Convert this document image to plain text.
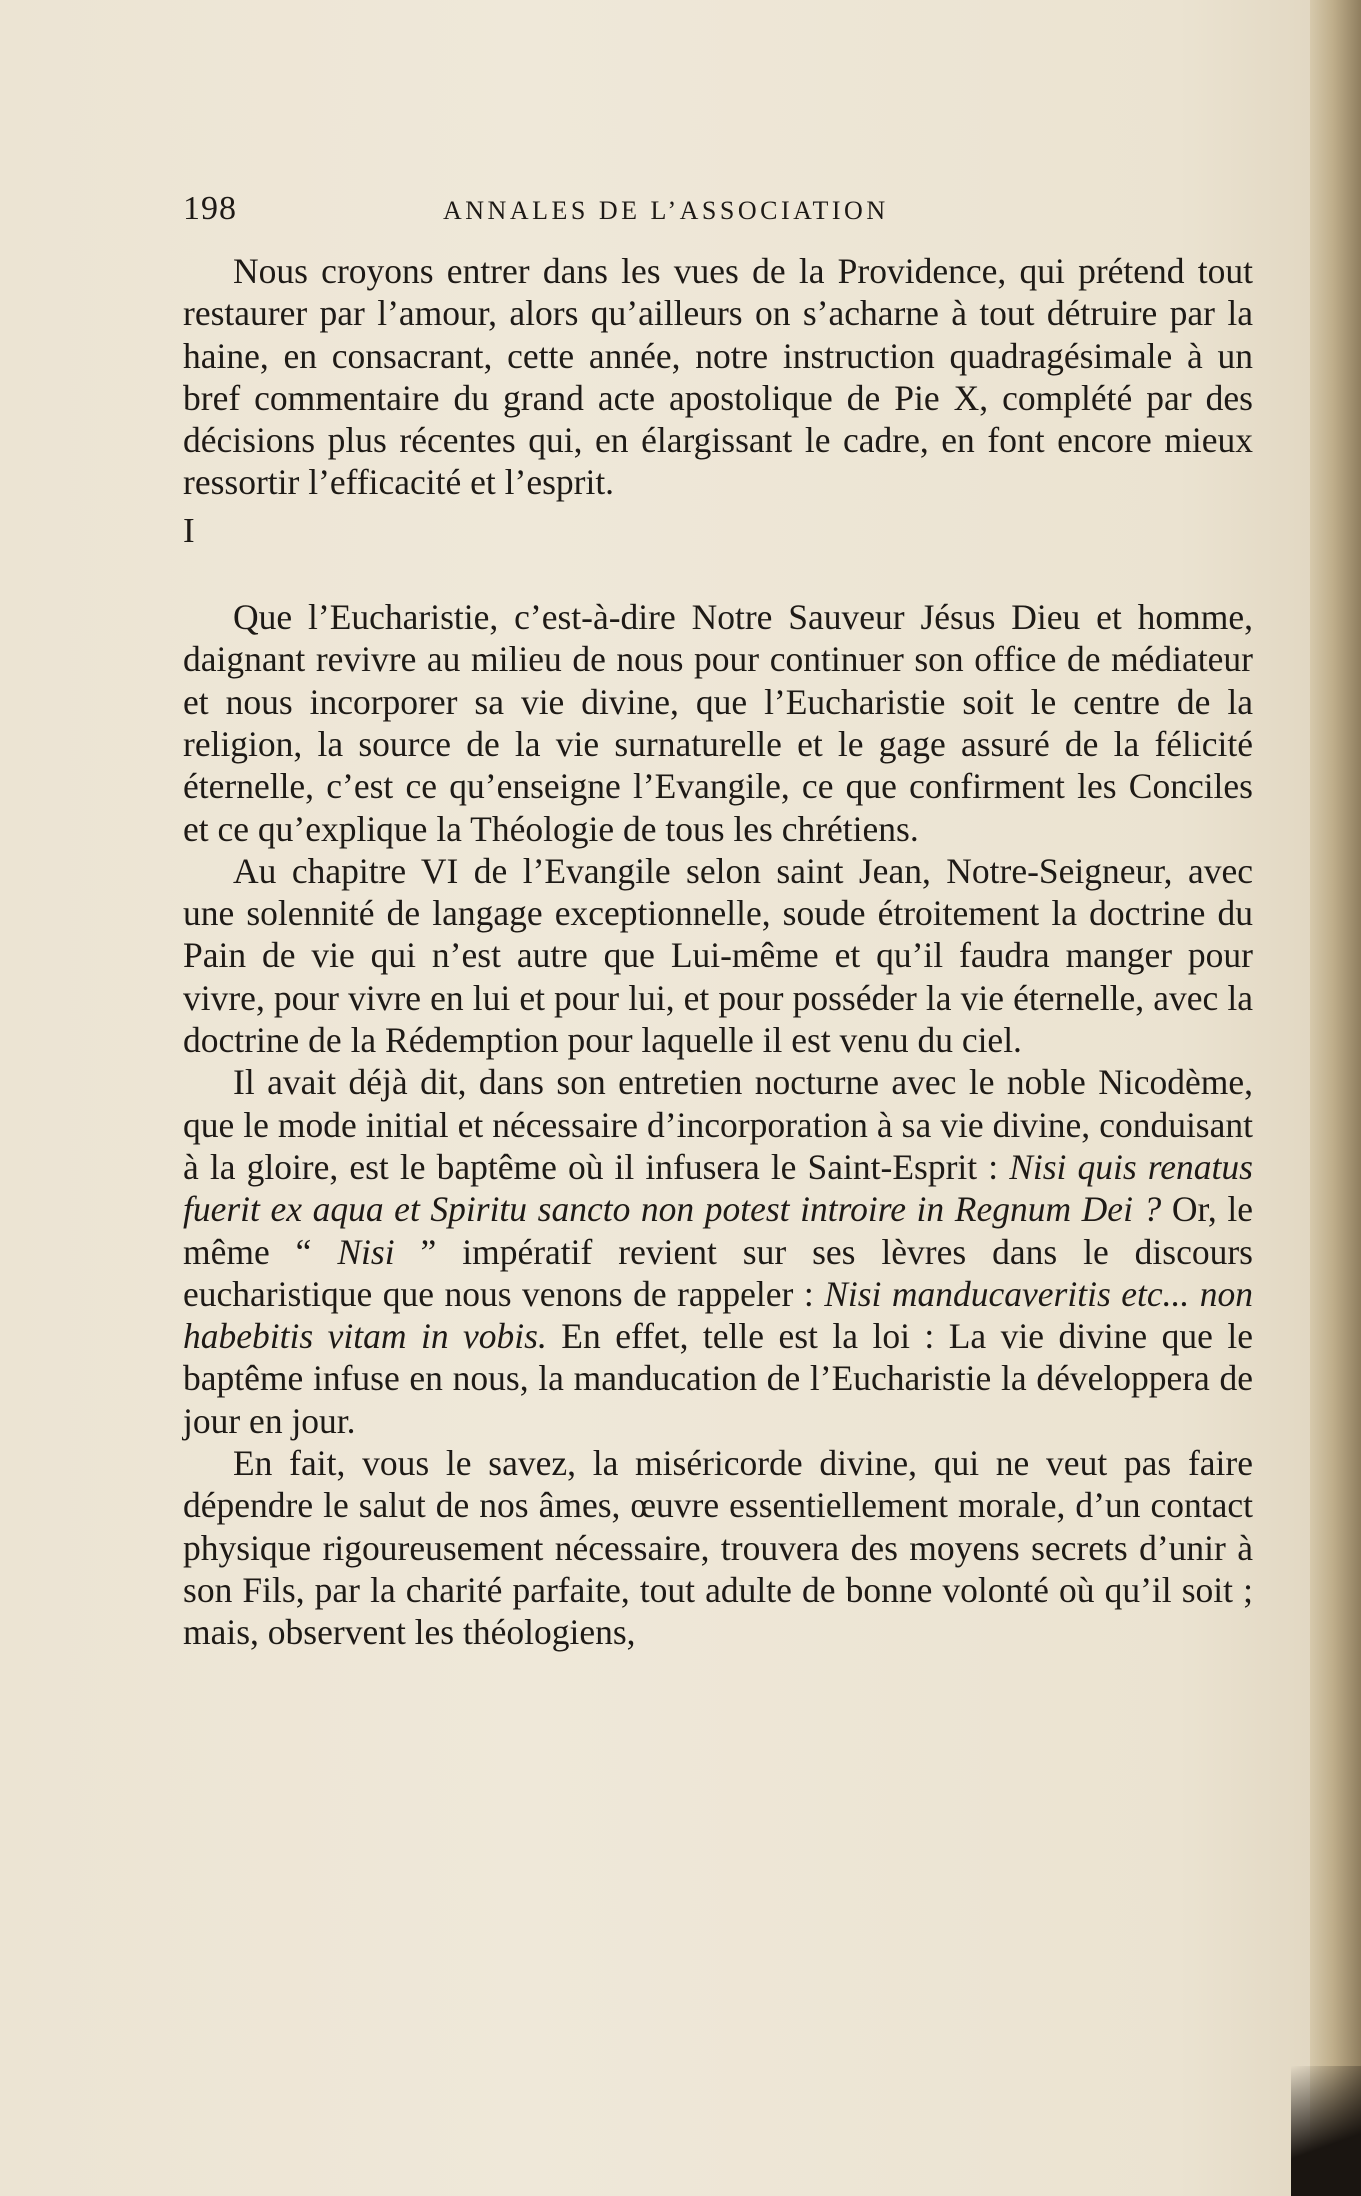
198	ANNALES DE L’ASSOCIATION

Nous croyons entrer dans les vues de la Providence, qui prétend tout restaurer par l’amour, alors qu’ailleurs on s’acharne à tout détruire par la haine, en consacrant, cette année, notre instruction quadragésimale à un bref commentaire du grand acte apostolique de Pie X, complété par des décisions plus récentes qui, en élargissant le cadre, en font encore mieux ressortir l’efficacité et l’esprit.

I

Que l’Eucharistie, c’est-à-dire Notre Sauveur Jésus Dieu et homme, daignant revivre au milieu de nous pour continuer son office de médiateur et nous incorporer sa vie divine, que l’Eucharistie soit le centre de la religion, la source de la vie surnaturelle et le gage assuré de la félicité éternelle, c’est ce qu’enseigne l’Evangile, ce que confirment les Conciles et ce qu’explique la Théologie de tous les chrétiens.

Au chapitre VI de l’Evangile selon saint Jean, Notre-Seigneur, avec une solennité de langage exceptionnelle, soude étroitement la doctrine du Pain de vie qui n’est autre que Lui-même et qu’il faudra manger pour vivre, pour vivre en lui et pour lui, et pour posséder la vie éternelle, avec la doctrine de la Rédemption pour laquelle il est venu du ciel.

Il avait déjà dit, dans son entretien nocturne avec le noble Nicodème, que le mode initial et nécessaire d’incorporation à sa vie divine, conduisant à la gloire, est le baptême où il infusera le Saint-Esprit : Nisi quis renatus fuerit ex aqua et Spiritu sancto non potest introire in Regnum Dei ? Or, le même “ Nisi ” impératif revient sur ses lèvres dans le discours eucharistique que nous venons de rappeler : Nisi manducaveritis etc... non habebitis vitam in vobis. En effet, telle est la loi : La vie divine que le baptême infuse en nous, la manducation de l’Eucharistie la développera de jour en jour.

En fait, vous le savez, la miséricorde divine, qui ne veut pas faire dépendre le salut de nos âmes, œuvre essentiellement morale, d’un contact physique rigoureusement nécessaire, trouvera des moyens secrets d’unir à son Fils, par la charité parfaite, tout adulte de bonne volonté où qu’il soit ; mais, observent les théologiens,
